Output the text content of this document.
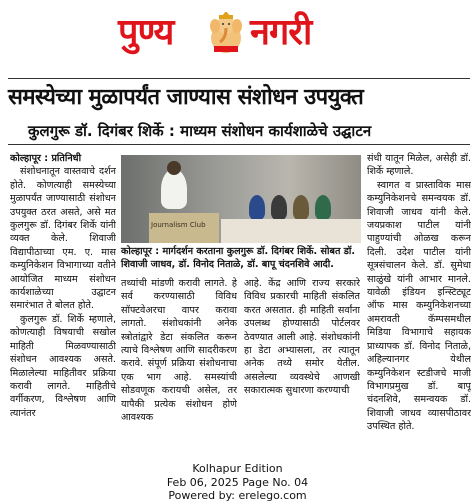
पुण्य नगरी
समस्येच्या मुळापर्यंत जाण्यास संशोधन उपयुक्त
कुलगुरू डॉ. दिगंबर शिर्के : माध्यम संशोधन कार्यशाळेचे उद्घाटन

कोल्हापूर : प्रतिनिधी

संशोधनातून वास्तवाचे दर्शन होते. कोणत्याही समस्येच्या मुळापर्यंत जाण्यासाठी संशोधन उपयुक्त ठरत असते, असे मत कुलगुरू डॉ. दिगंबर शिर्के यांनी व्यक्त केले. शिवाजी विद्यापीठाच्या एम. ए. मास कम्युनिकेशन विभागाच्या वतीने आयोजित माध्यम संशोधन कार्यशाळेच्या उद्घाटन समारंभात ते बोलत होते.

कुलगुरू डॉ. शिर्के म्हणाले, कोणत्याही विषयाची सखोल माहिती मिळवण्यासाठी संशोधन आवश्यक असते. मिळालेल्या माहितीवर प्रक्रिया करावी लागते. माहितीचे वर्गीकरण, विश्लेषण आणि त्यानंतर

Journalism Club
कोल्हापूर : मार्गदर्शन करताना कुलगुरू डॉ. दिगंबर शिर्के. सोबत डॉ. शिवाजी जाधव, डॉ. विनोद निताळे, डॉ. बापू चंदनशिवे आदी.

तथ्यांची मांडणी करावी लागते. हे सर्व करण्यासाठी विविध सॉफ्टवेअरचा वापर करावा लागतो. संशोधकांनी अनेक स्त्रोतांद्वारे डेटा संकलित करून त्याचे विश्लेषण आणि सादरीकरण करावे. संपूर्ण प्रक्रिया संशोधनाचा एक भाग आहे. समस्यांची सोडवणूक करायची असेल, तर यापैकी प्रत्येक संशोधन होणे आवश्यक

आहे. केंद्र आणि राज्य सरकारे विविध प्रकारची माहिती संकलित करत असतात. ही माहिती सर्वांना उपलब्ध होण्यासाठी पोर्टलवर ठेवण्यात आली आहे. संशोधकांनी हा डेटा अभ्यासला, तर त्यातून अनेक तथ्ये समोर येतील. असलेल्या व्यवस्थेचे आणखी सकारात्मक सुधारणा करण्याची

संधी यातून मिळेल, असेही डॉ. शिर्के म्हणाले.

स्वागत व प्रास्ताविक मास कम्युनिकेशनचे समन्वयक डॉ. शिवाजी जाधव यांनी केले. जयप्रकाश पाटील यांनी पाहुण्यांची ओळख करून दिली. उदेश पाटील यांनी सूत्रसंचालन केले. डॉ. सुमेधा साळुंखे यांनी आभार मानले. यावेळी इंडियन इन्स्टिट्यूट ऑफ मास कम्युनिकेशनच्या अमरावती कॅम्पसमधील मिडिया विभागाचे सहायक प्राध्यापक डॉ. विनोद निताळे, अहिल्यानगर येथील कम्युनिकेशन स्टडीजचे माजी विभागप्रमुख डॉ. बापू चंदनशिवे, समन्वयक डॉ. शिवाजी जाधव व्यासपीठावर उपस्थित होते.

Kolhapur Edition
Feb 06, 2025 Page No. 04
Powered by: erelego.com
